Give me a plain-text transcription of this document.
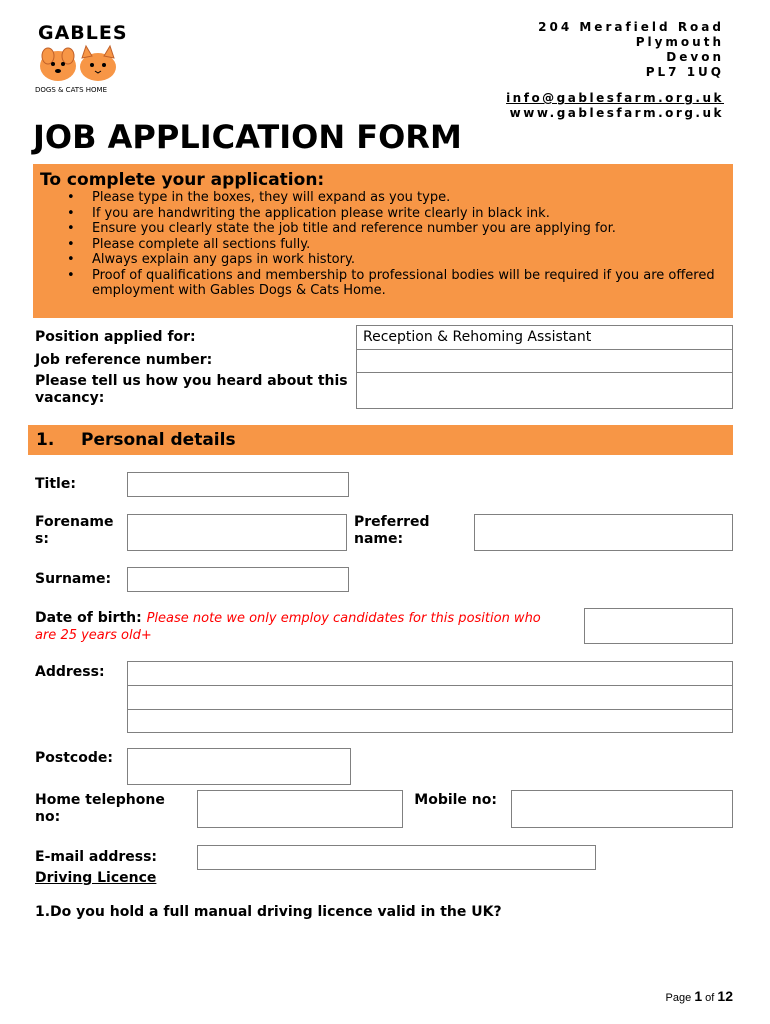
GABLES
DOGS & CATS HOME
204 Merafield Road
Plymouth
Devon
PL7 1UQ
info@gablesfarm.org.uk
www.gablesfarm.org.uk
JOB APPLICATION FORM
To complete your application:
• Please type in the boxes, they will expand as you type.
• If you are handwriting the application please write clearly in black ink.
• Ensure you clearly state the job title and reference number you are applying for.
• Please complete all sections fully.
• Always explain any gaps in work history.
• Proof of qualifications and membership to professional bodies will be required if you are offered employment with Gables Dogs & Cats Home.
Position applied for:	Reception & Rehoming Assistant
Job reference number:
Please tell us how you heard about this vacancy:
1. Personal details
Title:
Forenames:
Preferred name:
Surname:
Date of birth: Please note we only employ candidates for this position who are 25 years old+
Address:
Postcode:
Home telephone no:
Mobile no:
E-mail address:
Driving Licence
1.Do you hold a full manual driving licence valid in the UK?
Page 1 of 12
